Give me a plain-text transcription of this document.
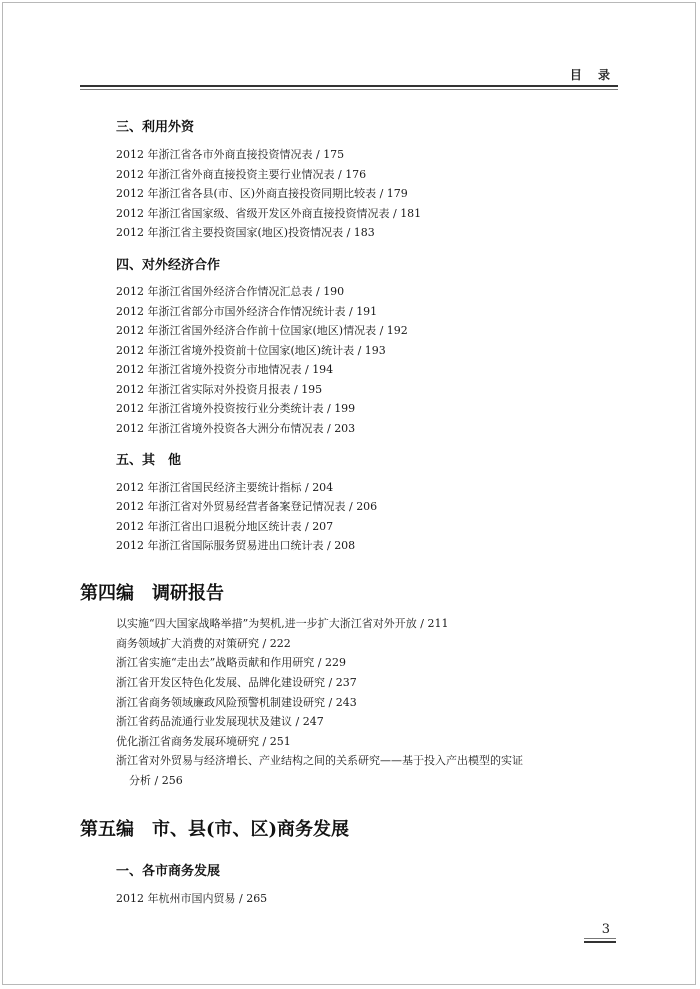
目 录
三、利用外资
2012 年浙江省各市外商直接投资情况表 / 175
2012 年浙江省外商直接投资主要行业情况表 / 176
2012 年浙江省各县(市、区)外商直接投资同期比较表 / 179
2012 年浙江省国家级、省级开发区外商直接投资情况表 / 181
2012 年浙江省主要投资国家(地区)投资情况表 / 183
四、对外经济合作
2012 年浙江省国外经济合作情况汇总表 / 190
2012 年浙江省部分市国外经济合作情况统计表 / 191
2012 年浙江省国外经济合作前十位国家(地区)情况表 / 192
2012 年浙江省境外投资前十位国家(地区)统计表 / 193
2012 年浙江省境外投资分市地情况表 / 194
2012 年浙江省实际对外投资月报表 / 195
2012 年浙江省境外投资按行业分类统计表 / 199
2012 年浙江省境外投资各大洲分布情况表 / 203
五、其　他
2012 年浙江省国民经济主要统计指标 / 204
2012 年浙江省对外贸易经营者备案登记情况表 / 206
2012 年浙江省出口退税分地区统计表 / 207
2012 年浙江省国际服务贸易进出口统计表 / 208
第四编　调研报告
以实施“四大国家战略举措”为契机,进一步扩大浙江省对外开放 / 211
商务领域扩大消费的对策研究 / 222
浙江省实施“走出去”战略贡献和作用研究 / 229
浙江省开发区特色化发展、品牌化建设研究 / 237
浙江省商务领域廉政风险预警机制建设研究 / 243
浙江省药品流通行业发展现状及建议 / 247
优化浙江省商务发展环境研究 / 251
浙江省对外贸易与经济增长、产业结构之间的关系研究——基于投入产出模型的实证
分析 / 256
第五编　市、县(市、区)商务发展
一、各市商务发展
2012 年杭州市国内贸易 / 265
3
